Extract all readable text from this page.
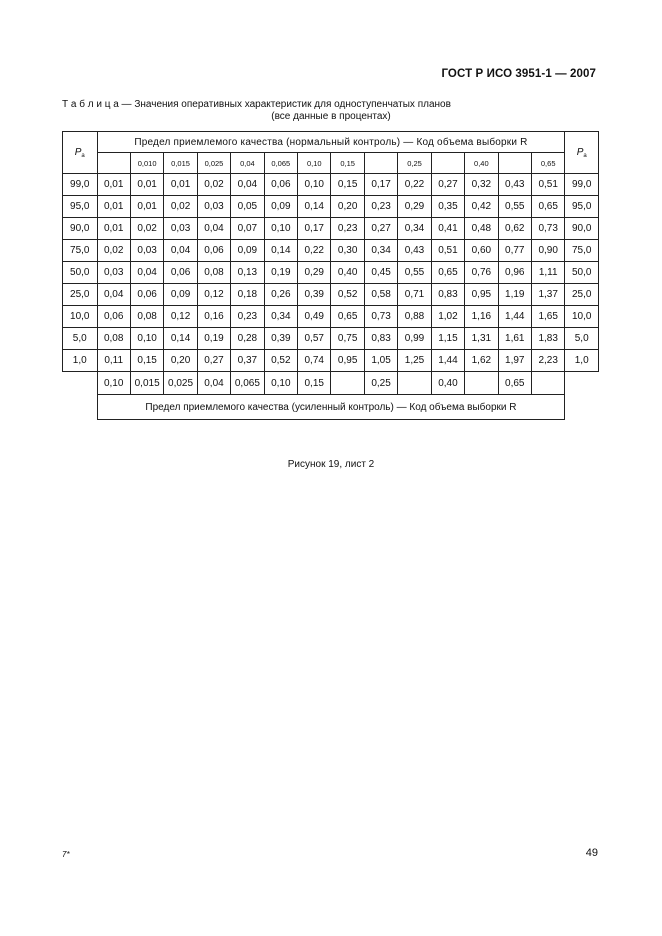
ГОСТ Р ИСО 3951-1 — 2007
Т а б л и ц а — Значения оперативных характеристик для одноступенчатых планов
(все данные в процентах)
$P_a$	Предел приемлемого качества (нормальный контроль) — Код объема выборки R														$P_a$
		0,010	0,015	0,025	0,04	0,065	0,10	0,15		0,25		0,40		0,65	
99,0	0,01	0,01	0,01	0,02	0,04	0,06	0,10	0,15	0,17	0,22	0,27	0,32	0,43	0,51	99,0
95,0	0,01	0,01	0,02	0,03	0,05	0,09	0,14	0,20	0,23	0,29	0,35	0,42	0,55	0,65	95,0
90,0	0,01	0,02	0,03	0,04	0,07	0,10	0,17	0,23	0,27	0,34	0,41	0,48	0,62	0,73	90,0
75,0	0,02	0,03	0,04	0,06	0,09	0,14	0,22	0,30	0,34	0,43	0,51	0,60	0,77	0,90	75,0
50,0	0,03	0,04	0,06	0,08	0,13	0,19	0,29	0,40	0,45	0,55	0,65	0,76	0,96	1,11	50,0
25,0	0,04	0,06	0,09	0,12	0,18	0,26	0,39	0,52	0,58	0,71	0,83	0,95	1,19	1,37	25,0
10,0	0,06	0,08	0,12	0,16	0,23	0,34	0,49	0,65	0,73	0,88	1,02	1,16	1,44	1,65	10,0
5,0	0,08	0,10	0,14	0,19	0,28	0,39	0,57	0,75	0,83	0,99	1,15	1,31	1,61	1,83	5,0
1,0	0,11	0,15	0,20	0,27	0,37	0,52	0,74	0,95	1,05	1,25	1,44	1,62	1,97	2,23	1,0
	0,10	0,015	0,025	0,04	0,065	0,10	0,15		0,25		0,40		0,65		
	Предел приемлемого качества (усиленный контроль) — Код объема выборки R														
Рисунок 19, лист 2
7*	49
